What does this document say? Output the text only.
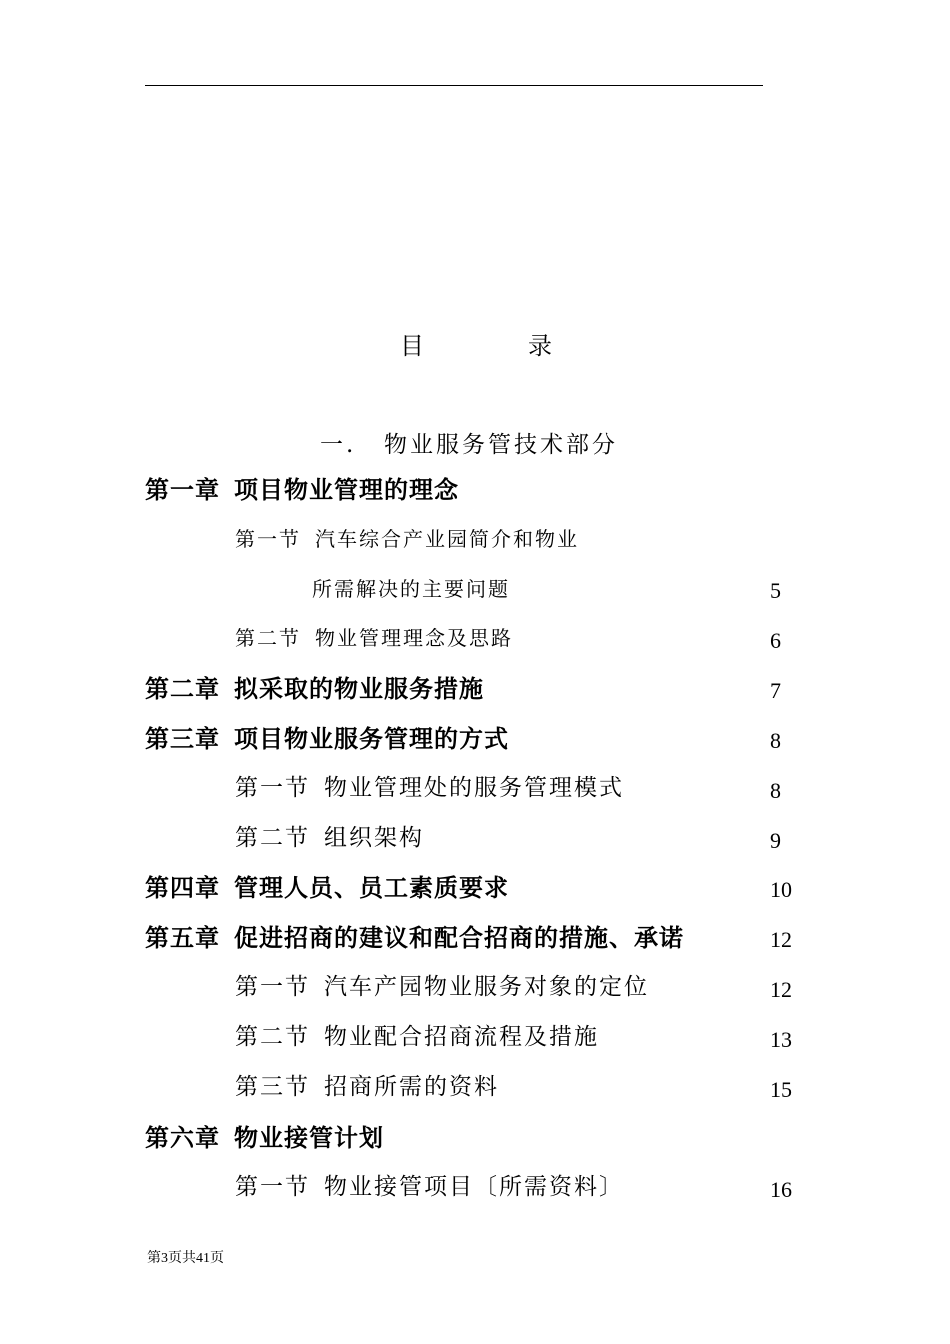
目	录
一. 物业服务管技术部分
第一章 项目物业管理的理念
第一节 汽车综合产业园简介和物业
所需解决的主要问题	5
第二节 物业管理理念及思路	6
第二章 拟采取的物业服务措施	7
第三章 项目物业服务管理的方式	8
第一节 物业管理处的服务管理模式	8
第二节 组织架构	9
第四章 管理人员、员工素质要求	10
第五章 促进招商的建议和配合招商的措施、承诺	12
第一节 汽车产园物业服务对象的定位	12
第二节 物业配合招商流程及措施	13
第三节 招商所需的资料	15
第六章 物业接管计划
第一节 物业接管项目〔所需资料〕	16
第3页共41页
